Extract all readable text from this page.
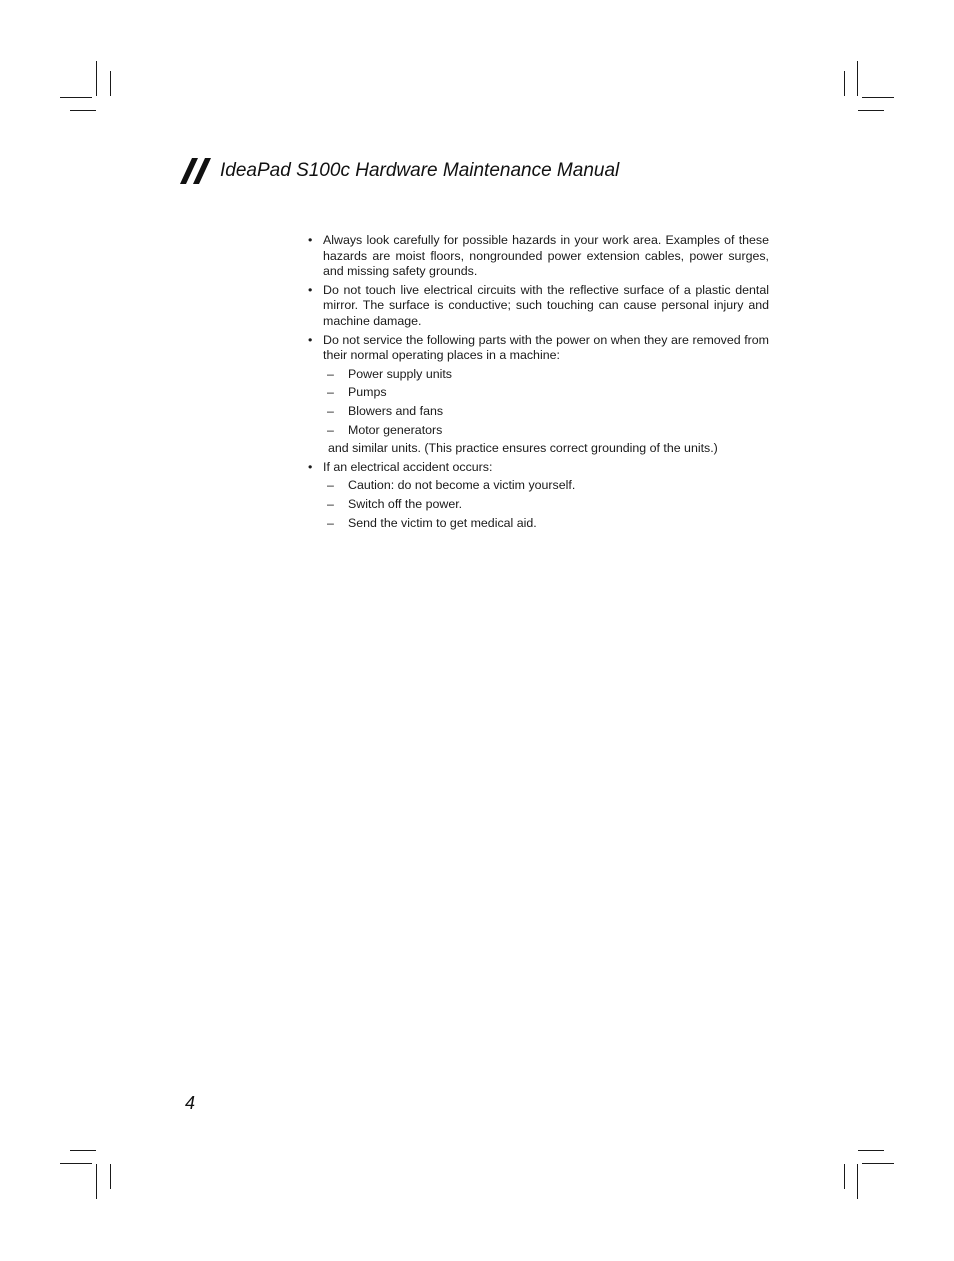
IdeaPad S100c Hardware Maintenance Manual
• Always look carefully for possible hazards in your work area. Examples of these hazards are moist floors, nongrounded power extension cables, power surges, and missing safety grounds.
• Do not touch live electrical circuits with the reflective surface of a plastic dental mirror. The surface is conductive; such touching can cause personal injury and machine damage.
• Do not service the following parts with the power on when they are removed from their normal operating places in a machine:
– Power supply units
– Pumps
– Blowers and fans
– Motor generators
and similar units. (This practice ensures correct grounding of the units.)
• If an electrical accident occurs:
– Caution: do not become a victim yourself.
– Switch off the power.
– Send the victim to get medical aid.
4
